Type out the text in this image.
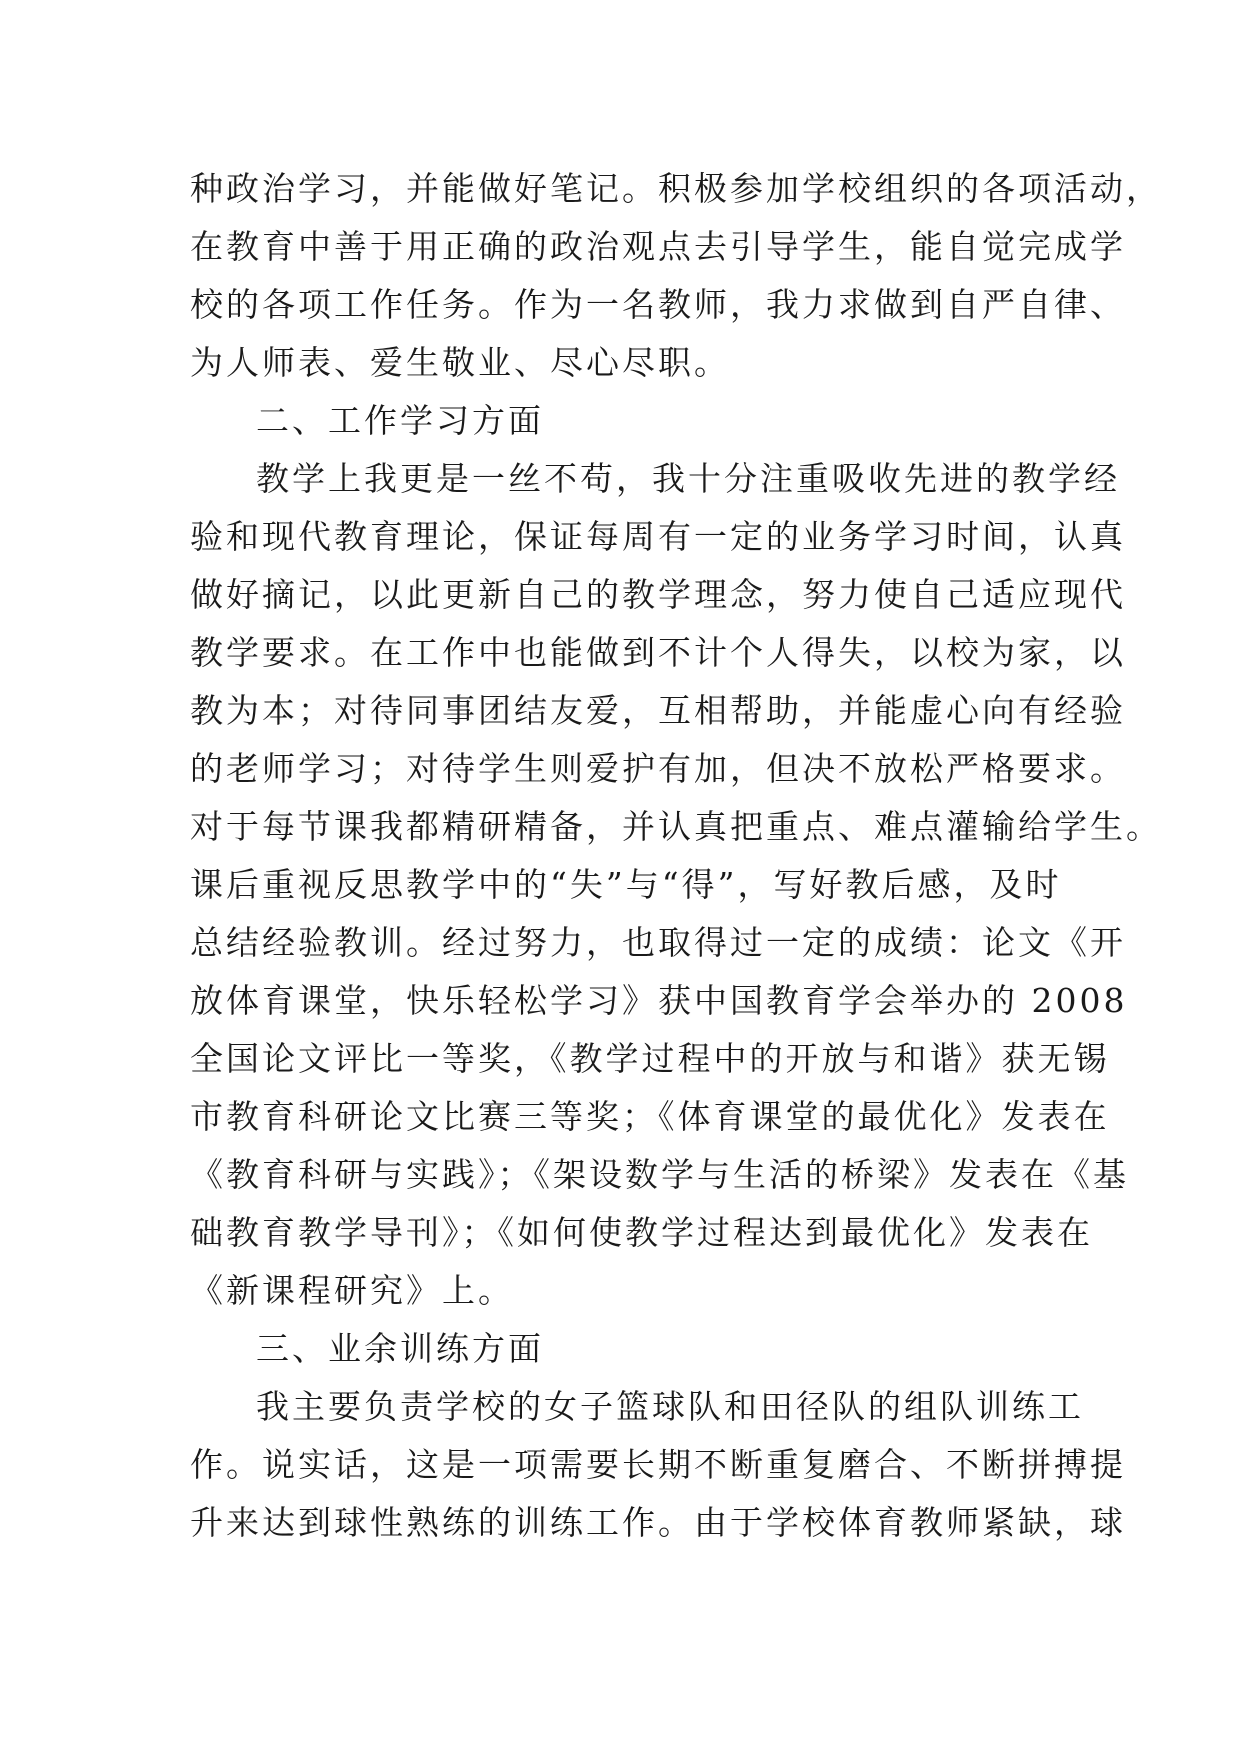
种政治学习，并能做好笔记。积极参加学校组织的各项活动，
在教育中善于用正确的政治观点去引导学生，能自觉完成学
校的各项工作任务。作为一名教师，我力求做到自严自律、
为人师表、爱生敬业、尽心尽职。
二、工作学习方面
教学上我更是一丝不苟，我十分注重吸收先进的教学经
验和现代教育理论，保证每周有一定的业务学习时间，认真
做好摘记，以此更新自己的教学理念，努力使自己适应现代
教学要求。在工作中也能做到不计个人得失，以校为家，以
教为本；对待同事团结友爱，互相帮助，并能虚心向有经验
的老师学习；对待学生则爱护有加，但决不放松严格要求。
对于每节课我都精研精备，并认真把重点、难点灌输给学生。
课后重视反思教学中的“失”与“得”，写好教后感，及时
总结经验教训。经过努力，也取得过一定的成绩：论文《开
放体育课堂，快乐轻松学习》获中国教育学会举办的 2008
全国论文评比一等奖，《教学过程中的开放与和谐》获无锡
市教育科研论文比赛三等奖；《体育课堂的最优化》发表在
《教育科研与实践》；《架设数学与生活的桥梁》发表在《基
础教育教学导刊》；《如何使教学过程达到最优化》发表在
《新课程研究》上。
三、业余训练方面
我主要负责学校的女子篮球队和田径队的组队训练工
作。说实话，这是一项需要长期不断重复磨合、不断拼搏提
升来达到球性熟练的训练工作。由于学校体育教师紧缺，球
